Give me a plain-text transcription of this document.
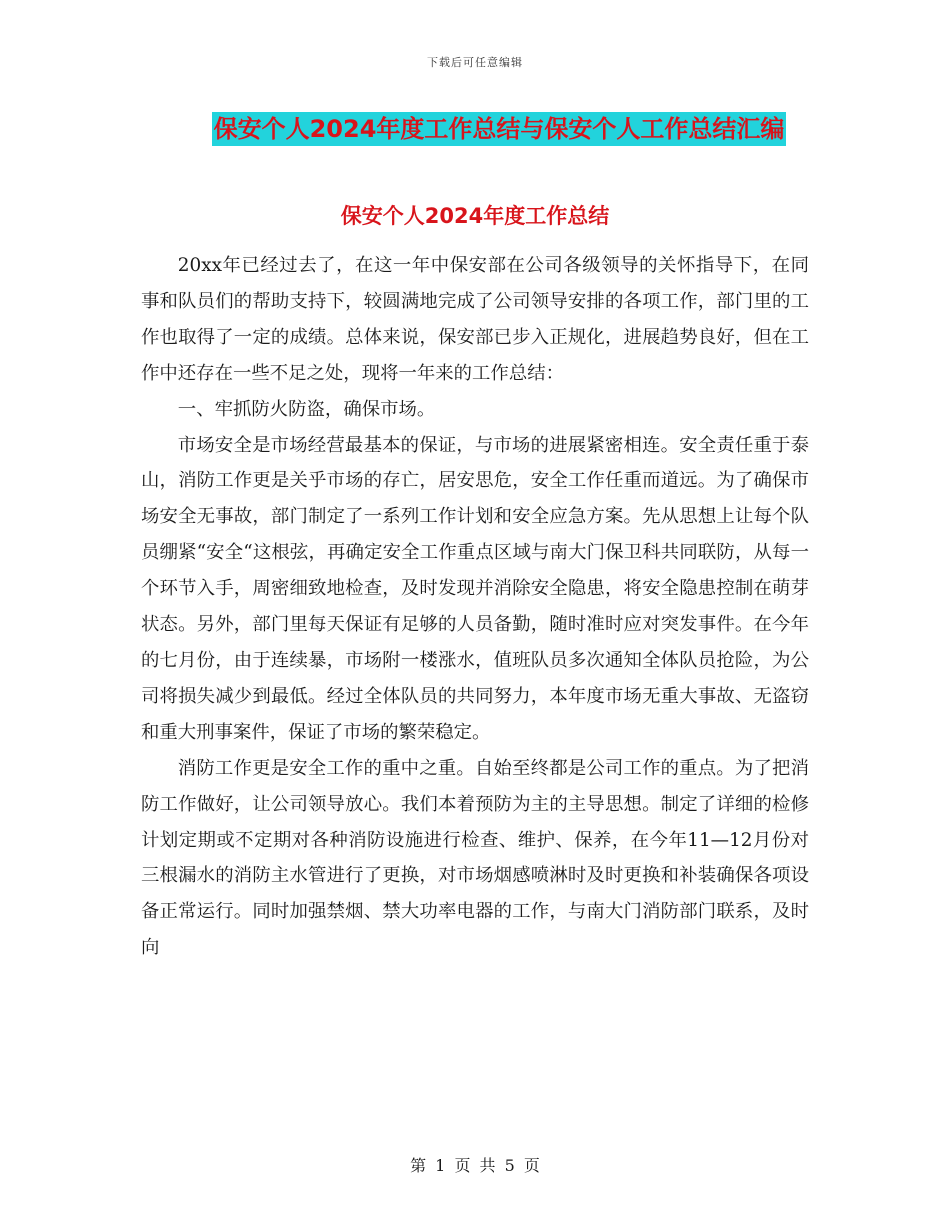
下载后可任意编辑
保安个人2024年度工作总结与保安个人工作总结汇编
保安个人2024年度工作总结

20xx年已经过去了，在这一年中保安部在公司各级领导的关怀指导下，在同事和队员们的帮助支持下，较圆满地完成了公司领导安排的各项工作，部门里的工作也取得了一定的成绩。总体来说，保安部已步入正规化，进展趋势良好，但在工作中还存在一些不足之处，现将一年来的工作总结：

一、牢抓防火防盗，确保市场。

市场安全是市场经营最基本的保证，与市场的进展紧密相连。安全责任重于泰山，消防工作更是关乎市场的存亡，居安思危，安全工作任重而道远。为了确保市场安全无事故，部门制定了一系列工作计划和安全应急方案。先从思想上让每个队员绷紧“安全“这根弦，再确定安全工作重点区域与南大门保卫科共同联防，从每一个环节入手，周密细致地检查，及时发现并消除安全隐患，将安全隐患控制在萌芽状态。另外，部门里每天保证有足够的人员备勤，随时准时应对突发事件。在今年的七月份，由于连续暴，市场附一楼涨水，值班队员多次通知全体队员抢险，为公司将损失减少到最低。经过全体队员的共同努力，本年度市场无重大事故、无盗窃和重大刑事案件，保证了市场的繁荣稳定。

消防工作更是安全工作的重中之重。自始至终都是公司工作的重点。为了把消防工作做好，让公司领导放心。我们本着预防为主的主导思想。制定了详细的检修计划定期或不定期对各种消防设施进行检查、维护、保养，在今年11—12月份对三根漏水的消防主水管进行了更换，对市场烟感喷淋时及时更换和补装确保各项设备正常运行。同时加强禁烟、禁大功率电器的工作，与南大门消防部门联系，及时向

第 1 页 共 5 页
